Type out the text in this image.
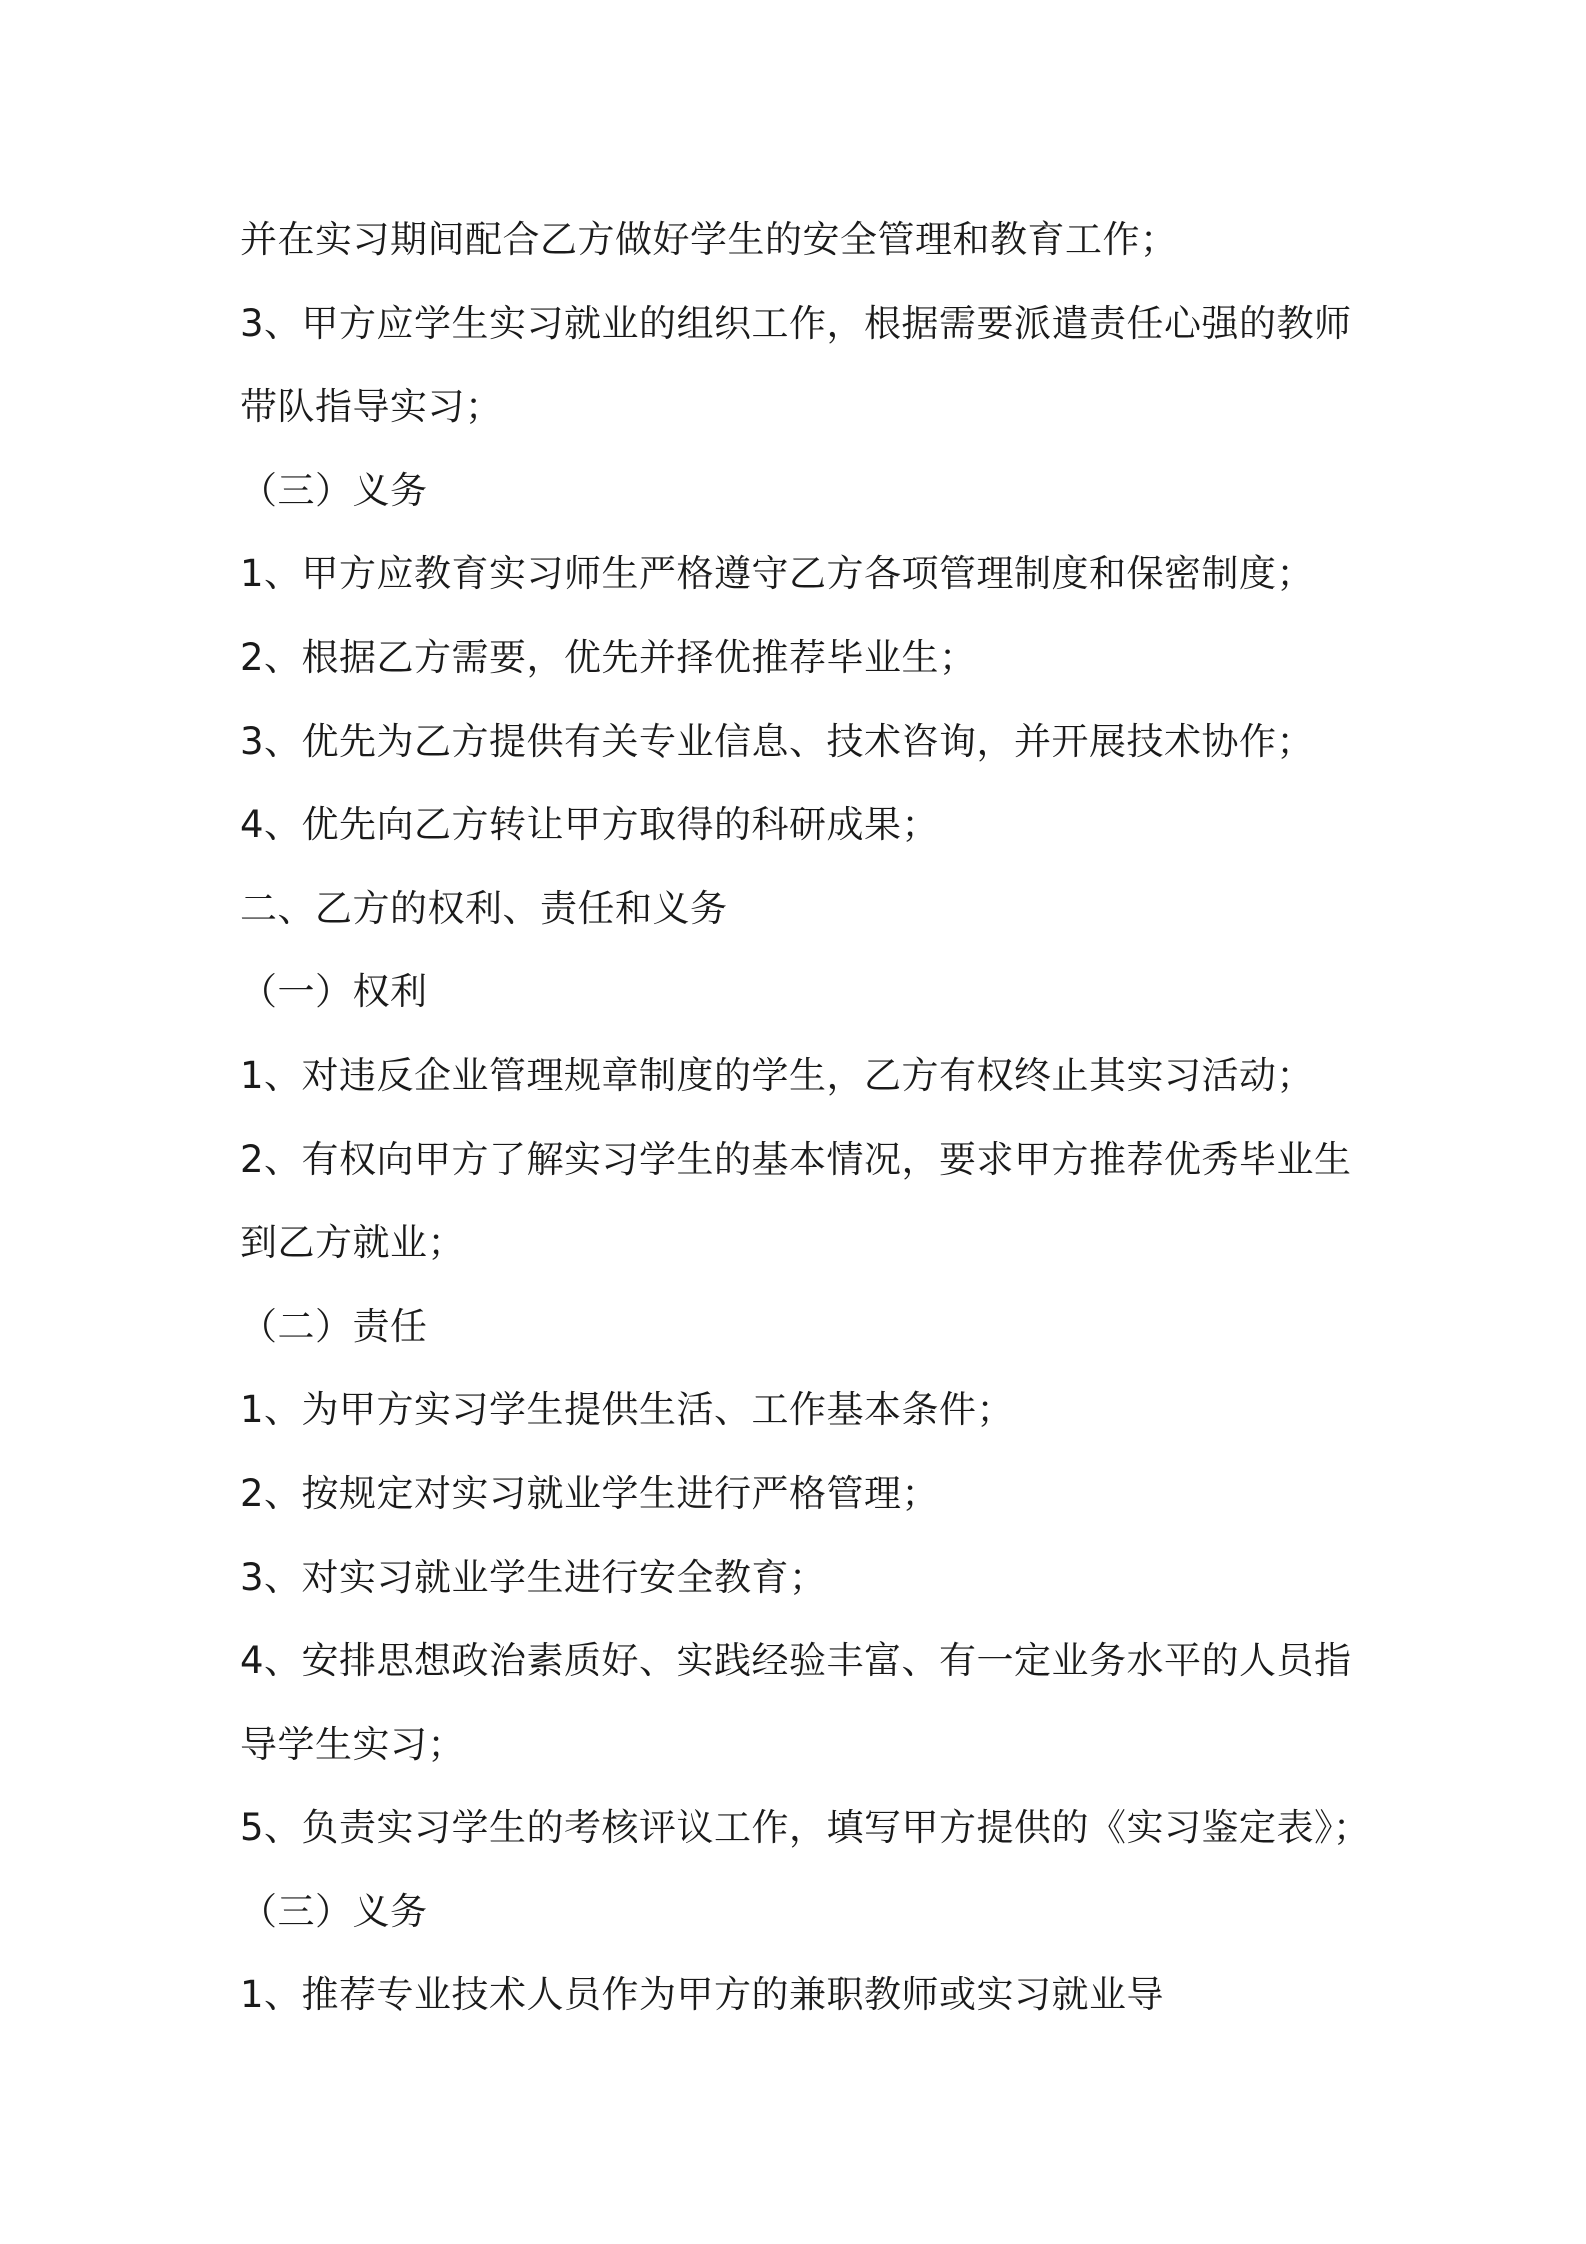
并在实习期间配合乙方做好学生的安全管理和教育工作；
3、甲方应学生实习就业的组织工作，根据需要派遣责任心强的教师
带队指导实习；
（三）义务
1、甲方应教育实习师生严格遵守乙方各项管理制度和保密制度；
2、根据乙方需要，优先并择优推荐毕业生；
3、优先为乙方提供有关专业信息、技术咨询，并开展技术协作；
4、优先向乙方转让甲方取得的科研成果；
二、乙方的权利、责任和义务
（一）权利
1、对违反企业管理规章制度的学生，乙方有权终止其实习活动；
2、有权向甲方了解实习学生的基本情况，要求甲方推荐优秀毕业生
到乙方就业；
（二）责任
1、为甲方实习学生提供生活、工作基本条件；
2、按规定对实习就业学生进行严格管理；
3、对实习就业学生进行安全教育；
4、安排思想政治素质好、实践经验丰富、有一定业务水平的人员指
导学生实习；
5、负责实习学生的考核评议工作，填写甲方提供的《实习鉴定表》；
（三）义务
1、推荐专业技术人员作为甲方的兼职教师或实习就业导
